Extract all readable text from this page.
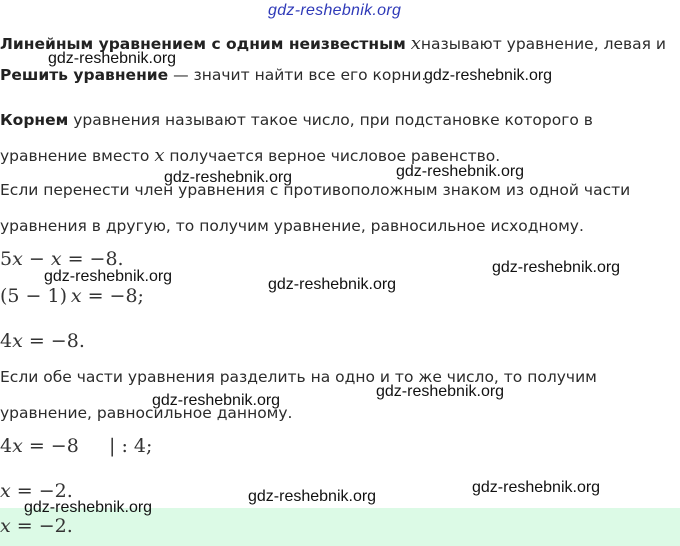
gdz-reshebnik.org
Линейным уравнением с одним неизвестным xназывают уравнение, левая и
Решить уравнение — значит найти все его корни.
Корнем уравнения называют такое число, при подстановке которого в
уравнение вместо x получается верное числовое равенство.
Если перенести член уравнения с противоположным знаком из одной части
уравнения в другую, то получим уравнение, равносильное исходному.
5x − x = −8.
(5 − 1)  x = −8;
4x = −8.
Если обе части уравнения разделить на одно и то же число, то получим
уравнение, равносильное данному.
4x = −8 | : 4;
x = −2.
x = −2.
gdz-reshebnik.org
gdz-reshebnik.org
gdz-reshebnik.org
gdz-reshebnik.org
gdz-reshebnik.org
gdz-reshebnik.org	gdz-reshebnik.org
gdz-reshebnik.org
gdz-reshebnik.org
gdz-reshebnik.org
gdz-reshebnik.org
gdz-reshebnik.org
